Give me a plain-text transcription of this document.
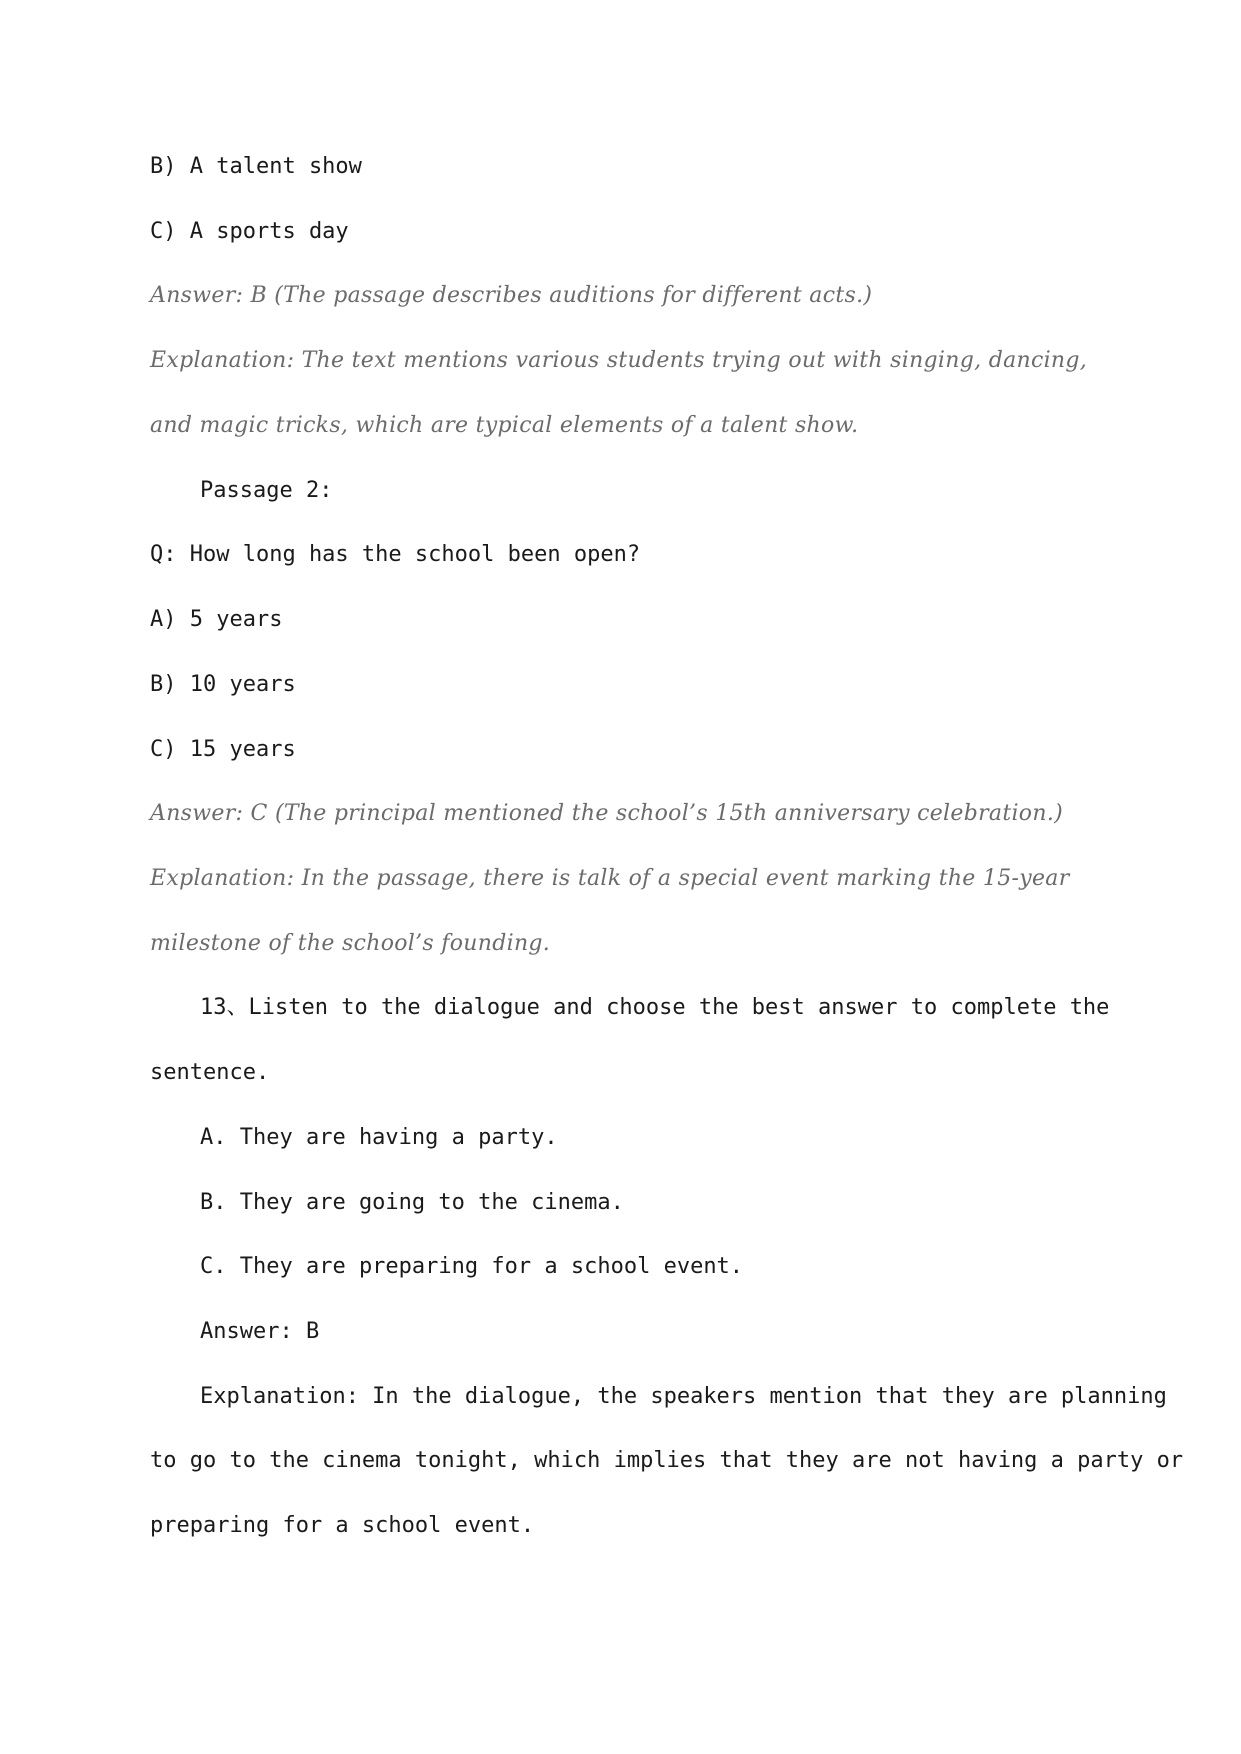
B) A talent show
C) A sports day
Answer: B (The passage describes auditions for different acts.)
Explanation: The text mentions various students trying out with singing, dancing,
and magic tricks, which are typical elements of a talent show.
Passage 2:
Q: How long has the school been open?
A) 5 years
B) 10 years
C) 15 years
Answer: C (The principal mentioned the school’s 15th anniversary celebration.)
Explanation: In the passage, there is talk of a special event marking the 15-year
milestone of the school’s founding.
13、Listen to the dialogue and choose the best answer to complete the
sentence.
A. They are having a party.
B. They are going to the cinema.
C. They are preparing for a school event.
Answer: B
Explanation: In the dialogue, the speakers mention that they are planning
to go to the cinema tonight, which implies that they are not having a party or
preparing for a school event.
